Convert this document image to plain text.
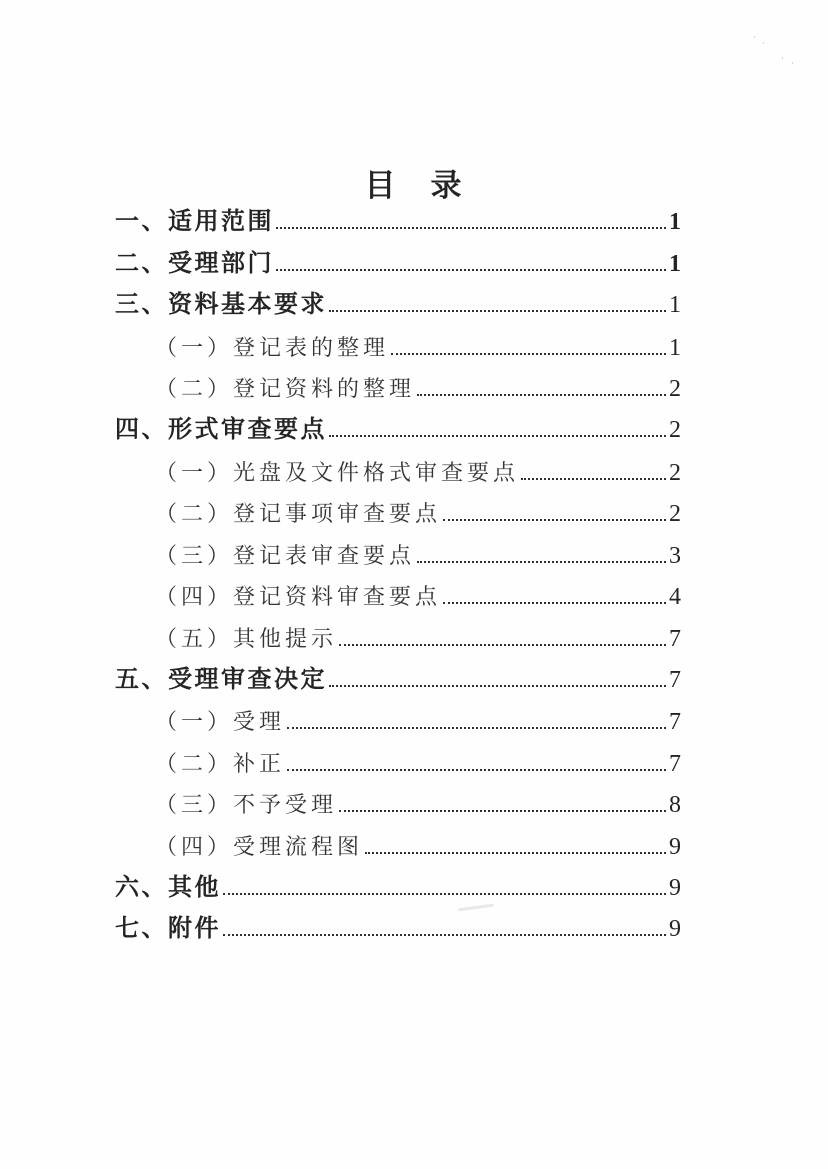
·
·
· ·
目　录
一、适用范围	1
二、受理部门	1
三、资料基本要求	1
（一）登记表的整理	1
（二）登记资料的整理	2
四、形式审查要点	2
（一）光盘及文件格式审查要点	2
（二）登记事项审查要点	2
（三）登记表审查要点	3
（四）登记资料审查要点	4
（五）其他提示	7
五、受理审查决定	7
（一）受理	7
（二）补正	7
（三）不予受理	8
（四）受理流程图	9
六、其他	9
七、附件	9
